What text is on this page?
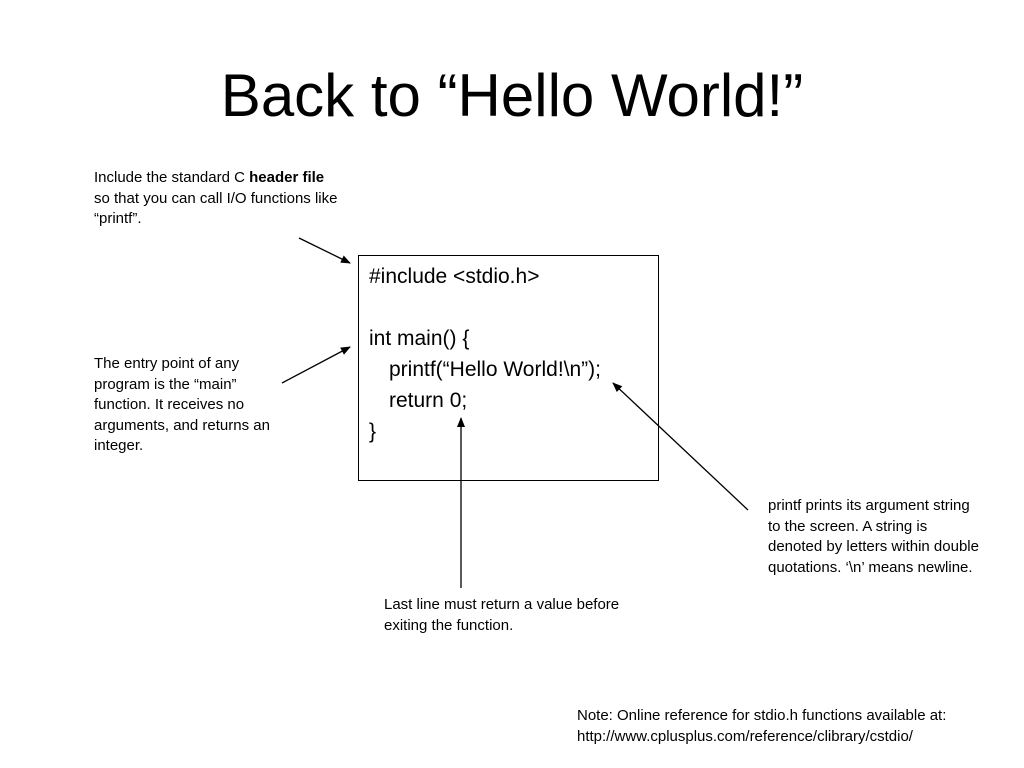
Back to “Hello World!”
Include the standard C header file so that you can call I/O functions like “printf”.
The entry point of any program is the “main” function. It receives no arguments, and returns an integer.
#include <stdio.h>
int main() {
printf(“Hello World!\n”);
return 0;
}
printf prints its argument string to the screen. A string is denoted by letters within double quotations. ‘\n’ means newline.
Last line must return a value before exiting the function.
Note: Online reference for stdio.h functions available at:
http://www.cplusplus.com/reference/clibrary/cstdio/
